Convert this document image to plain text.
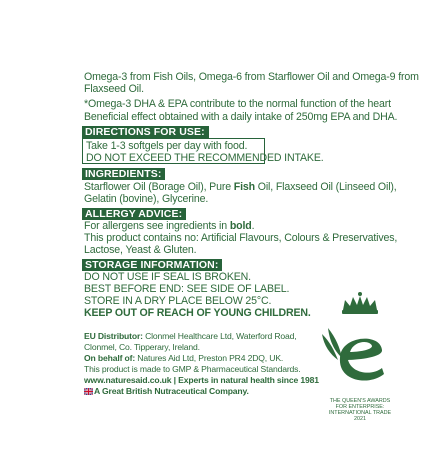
Omega-3 from Fish Oils, Omega-6 from Starflower Oil and Omega-9 from
Flaxseed Oil.
*Omega-3 DHA & EPA contribute to the normal function of the heart
Beneficial effect obtained with a daily intake of 250mg EPA and DHA.
DIRECTIONS FOR USE:
Take 1-3 softgels per day with food.
DO NOT EXCEED THE RECOMMENDED INTAKE.
INGREDIENTS:
Starflower Oil (Borage Oil), Pure Fish Oil, Flaxseed Oil (Linseed Oil),
Gelatin (bovine), Glycerine.
ALLERGY ADVICE:
For allergens see ingredients in bold.
This product contains no: Artificial Flavours, Colours & Preservatives,
Lactose, Yeast & Gluten.
STORAGE INFORMATION:
DO NOT USE IF SEAL IS BROKEN.
BEST BEFORE END: SEE SIDE OF LABEL.
STORE IN A DRY PLACE BELOW 25°C.
KEEP OUT OF REACH OF YOUNG CHILDREN.
EU Distributor: Clonmel Healthcare Ltd, Waterford Road,
Clonmel, Co. Tipperary, Ireland.
On behalf of: Natures Aid Ltd, Preston PR4 2DQ, UK.
This product is made to GMP & Pharmaceutical Standards.
www.naturesaid.co.uk | Experts in natural health since 1981
A Great British Nutraceutical Company.
THE QUEEN'S AWARDS
FOR ENTERPRISE:
INTERNATIONAL TRADE
2021
